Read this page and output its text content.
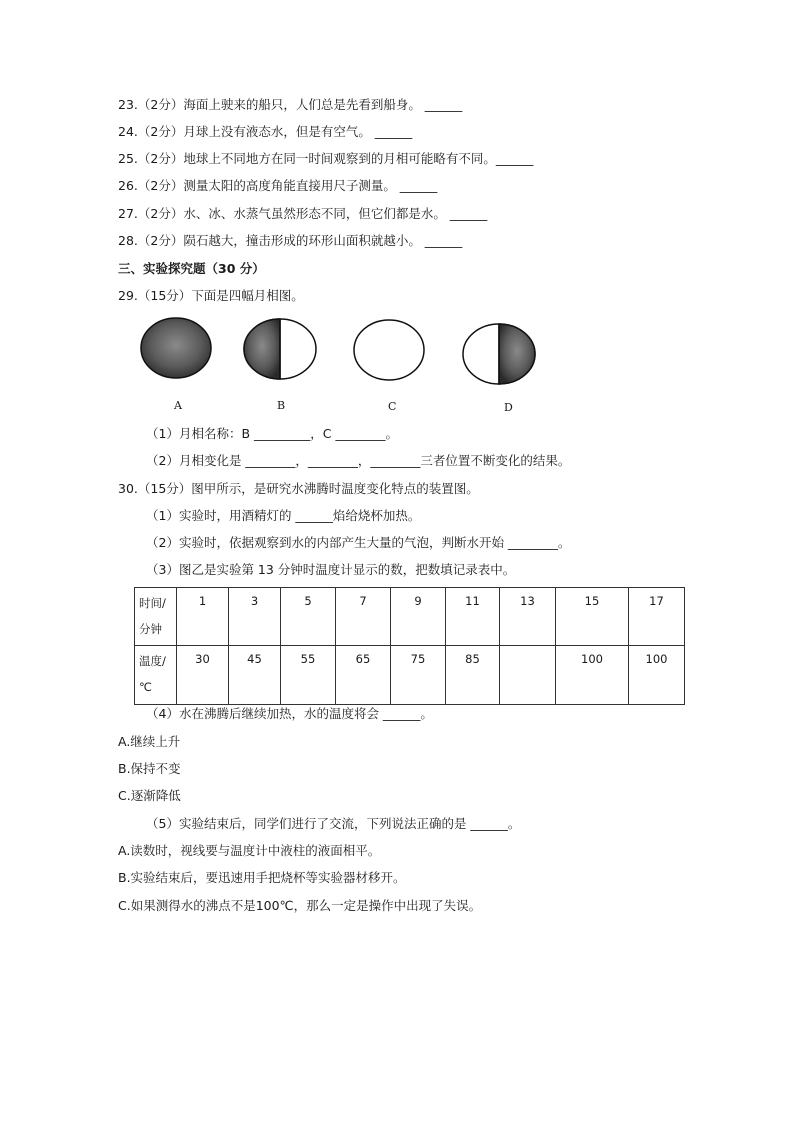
23.（2分）海面上驶来的船只，人们总是先看到船身。 ______
24.（2分）月球上没有液态水，但是有空气。 ______
25.（2分）地球上不同地方在同一时间观察到的月相可能略有不同。______
26.（2分）测量太阳的高度角能直接用尺子测量。 ______
27.（2分）水、冰、水蒸气虽然形态不同，但它们都是水。 ______
28.（2分）陨石越大，撞击形成的环形山面积就越小。 ______
三、实验探究题（30 分）
29.（15分）下面是四幅月相图。
A	B	C	D
（1）月相名称：B _________，C ________。
（2）月相变化是 ________，________，________三者位置不断变化的结果。
30.（15分）图甲所示，是研究水沸腾时温度变化特点的装置图。
（1）实验时，用酒精灯的 ______焰给烧杯加热。
（2）实验时，依据观察到水的内部产生大量的气泡，判断水开始 ________。
（3）图乙是实验第 13 分钟时温度计显示的数，把数填记录表中。
时间/
分钟	1	3	5	7	9	11	13	15	17
温度/
℃	30	45	55	65	75	85		100	100
（4）水在沸腾后继续加热，水的温度将会 ______。
A.继续上升
B.保持不变
C.逐渐降低
（5）实验结束后，同学们进行了交流，下列说法正确的是 ______。
A.读数时，视线要与温度计中液柱的液面相平。
B.实验结束后，要迅速用手把烧杯等实验器材移开。
C.如果测得水的沸点不是100℃，那么一定是操作中出现了失误。
